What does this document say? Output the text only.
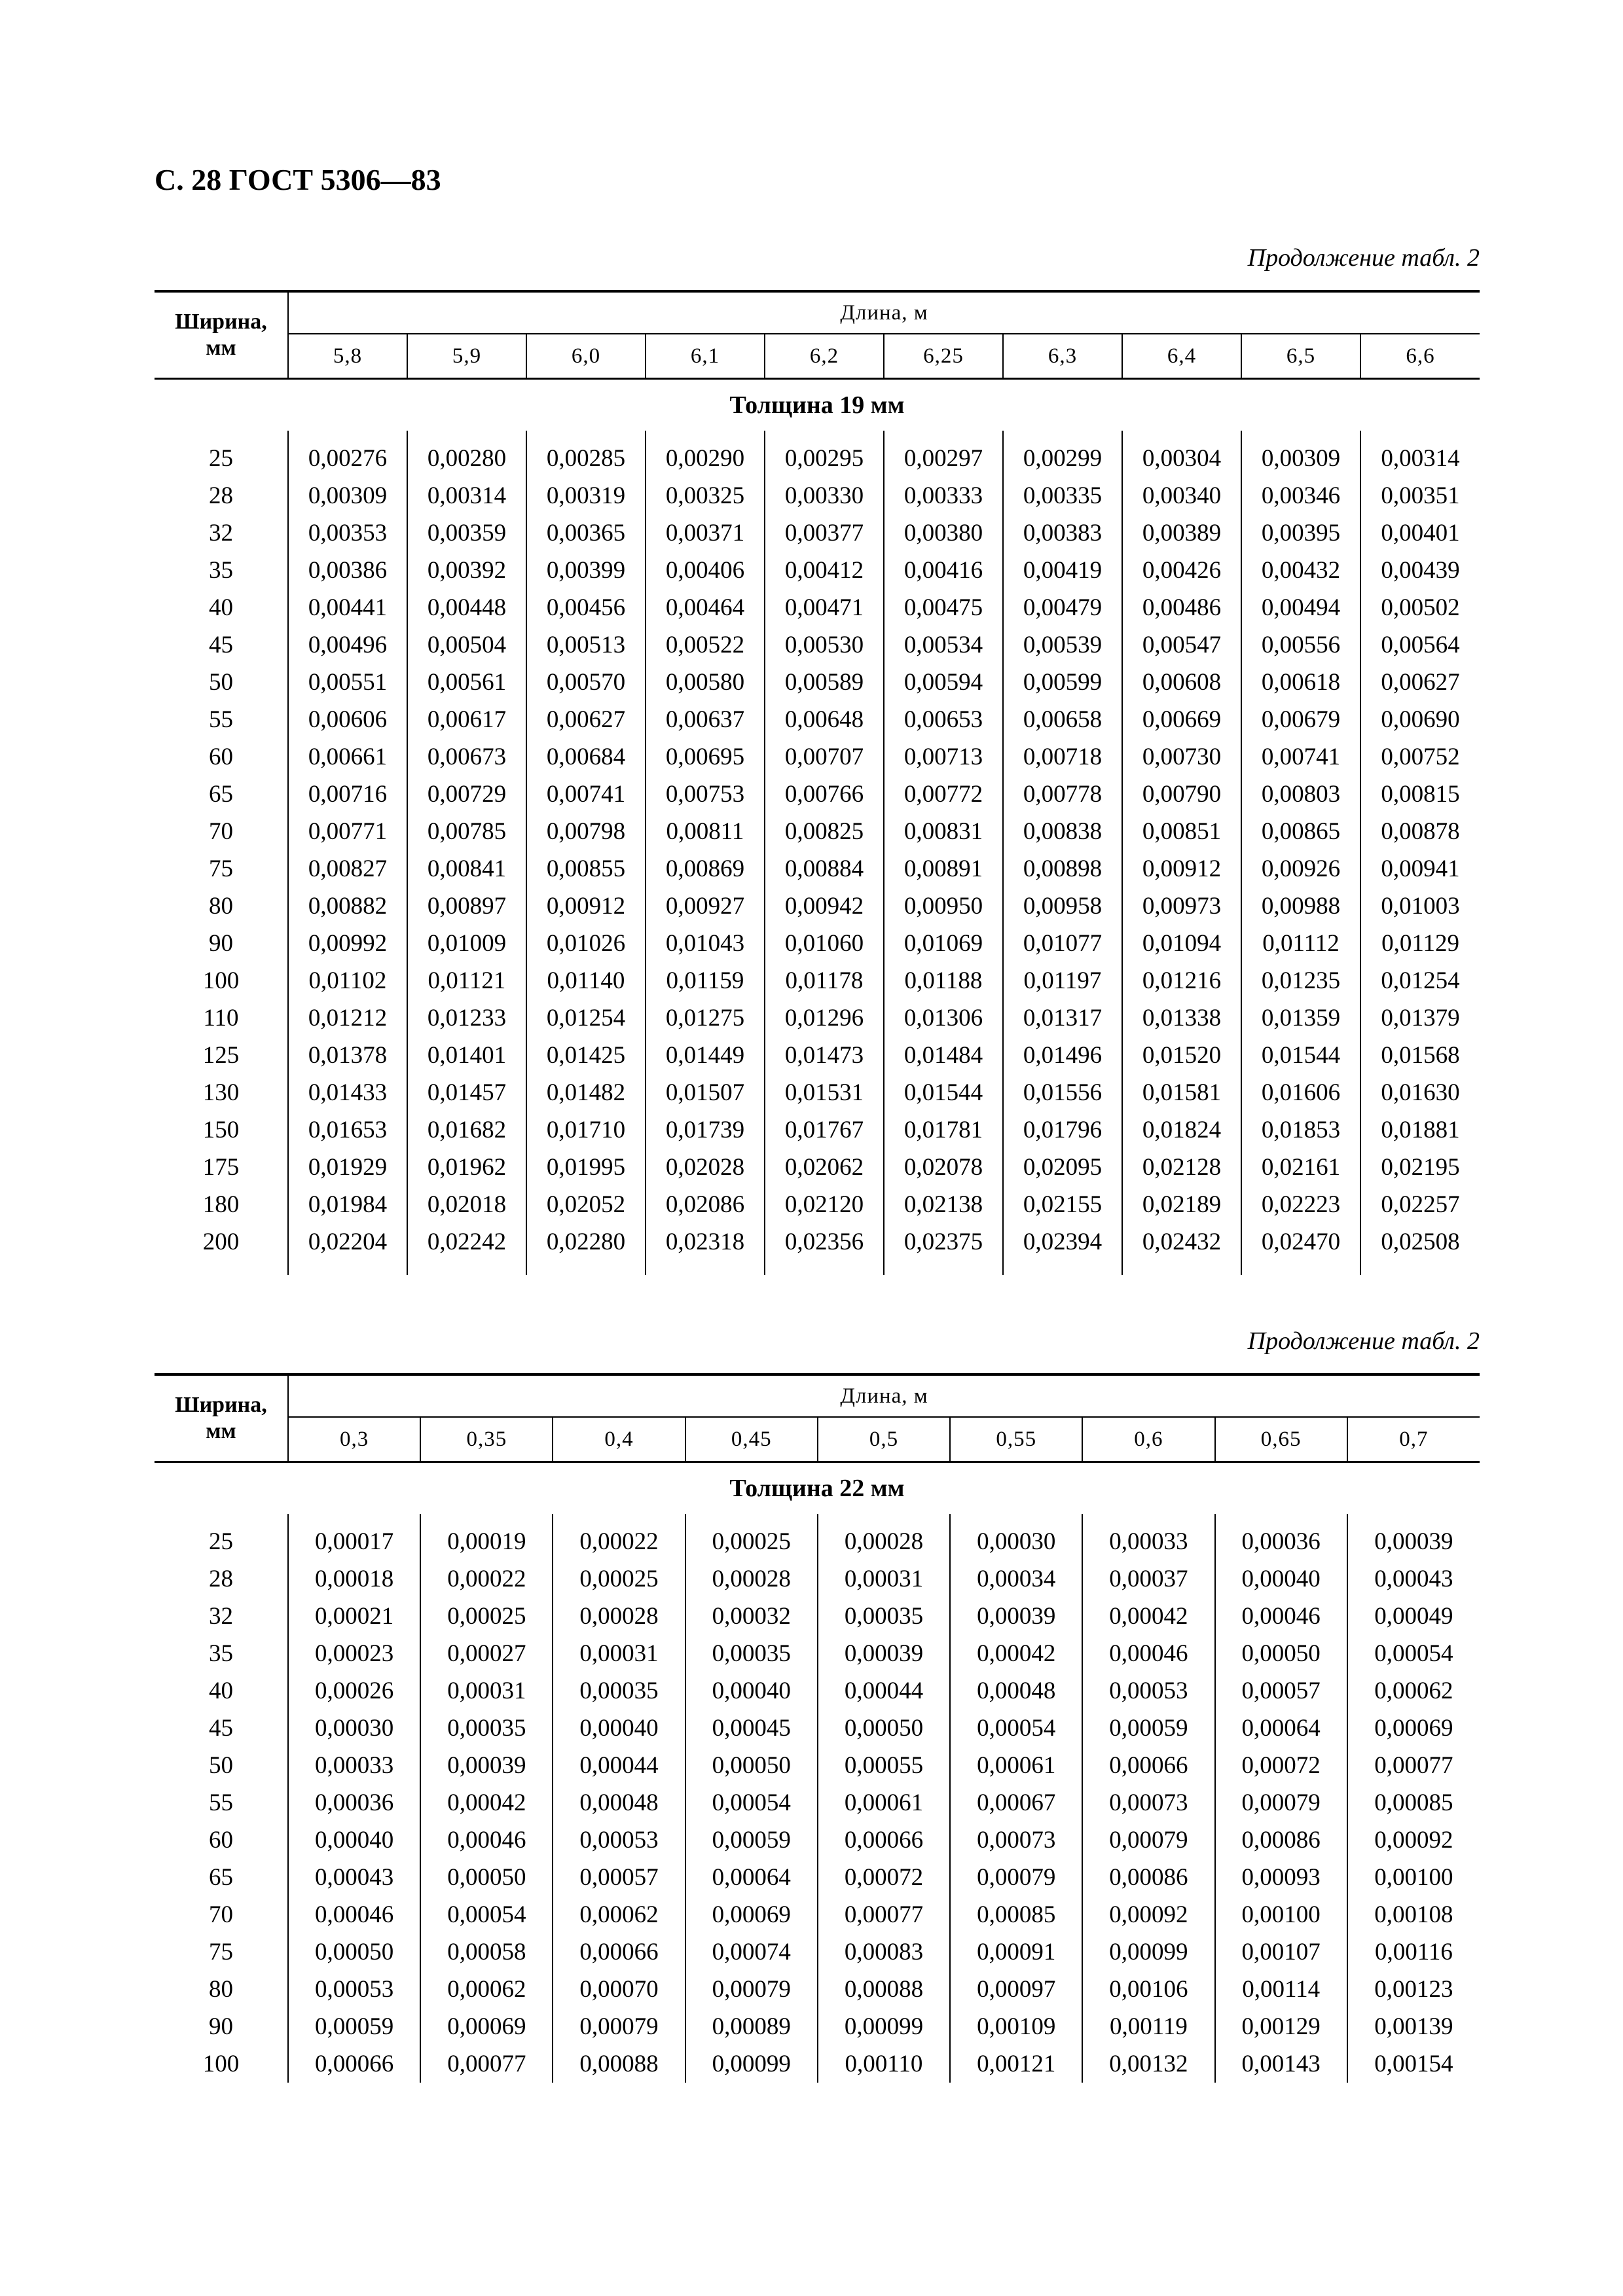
С. 28 ГОСТ 5306—83
Продолжение табл. 2
Ширина,
мм	Длина, м									
	5,8	5,9	6,0	6,1	6,2	6,25	6,3	6,4	6,5	6,6
Толщина 19 мм										

25	0,00276	0,00280	0,00285	0,00290	0,00295	0,00297	0,00299	0,00304	0,00309	0,00314
28	0,00309	0,00314	0,00319	0,00325	0,00330	0,00333	0,00335	0,00340	0,00346	0,00351
32	0,00353	0,00359	0,00365	0,00371	0,00377	0,00380	0,00383	0,00389	0,00395	0,00401
35	0,00386	0,00392	0,00399	0,00406	0,00412	0,00416	0,00419	0,00426	0,00432	0,00439
40	0,00441	0,00448	0,00456	0,00464	0,00471	0,00475	0,00479	0,00486	0,00494	0,00502
45	0,00496	0,00504	0,00513	0,00522	0,00530	0,00534	0,00539	0,00547	0,00556	0,00564
50	0,00551	0,00561	0,00570	0,00580	0,00589	0,00594	0,00599	0,00608	0,00618	0,00627
55	0,00606	0,00617	0,00627	0,00637	0,00648	0,00653	0,00658	0,00669	0,00679	0,00690
60	0,00661	0,00673	0,00684	0,00695	0,00707	0,00713	0,00718	0,00730	0,00741	0,00752
65	0,00716	0,00729	0,00741	0,00753	0,00766	0,00772	0,00778	0,00790	0,00803	0,00815
70	0,00771	0,00785	0,00798	0,00811	0,00825	0,00831	0,00838	0,00851	0,00865	0,00878
75	0,00827	0,00841	0,00855	0,00869	0,00884	0,00891	0,00898	0,00912	0,00926	0,00941
80	0,00882	0,00897	0,00912	0,00927	0,00942	0,00950	0,00958	0,00973	0,00988	0,01003
90	0,00992	0,01009	0,01026	0,01043	0,01060	0,01069	0,01077	0,01094	0,01112	0,01129
100	0,01102	0,01121	0,01140	0,01159	0,01178	0,01188	0,01197	0,01216	0,01235	0,01254
110	0,01212	0,01233	0,01254	0,01275	0,01296	0,01306	0,01317	0,01338	0,01359	0,01379
125	0,01378	0,01401	0,01425	0,01449	0,01473	0,01484	0,01496	0,01520	0,01544	0,01568
130	0,01433	0,01457	0,01482	0,01507	0,01531	0,01544	0,01556	0,01581	0,01606	0,01630
150	0,01653	0,01682	0,01710	0,01739	0,01767	0,01781	0,01796	0,01824	0,01853	0,01881
175	0,01929	0,01962	0,01995	0,02028	0,02062	0,02078	0,02095	0,02128	0,02161	0,02195
180	0,01984	0,02018	0,02052	0,02086	0,02120	0,02138	0,02155	0,02189	0,02223	0,02257
200	0,02204	0,02242	0,02280	0,02318	0,02356	0,02375	0,02394	0,02432	0,02470	0,02508

Продолжение табл. 2
Ширина,
мм	Длина, м								
	0,3	0,35	0,4	0,45	0,5	0,55	0,6	0,65	0,7
Толщина 22 мм									

25	0,00017	0,00019	0,00022	0,00025	0,00028	0,00030	0,00033	0,00036	0,00039
28	0,00018	0,00022	0,00025	0,00028	0,00031	0,00034	0,00037	0,00040	0,00043
32	0,00021	0,00025	0,00028	0,00032	0,00035	0,00039	0,00042	0,00046	0,00049
35	0,00023	0,00027	0,00031	0,00035	0,00039	0,00042	0,00046	0,00050	0,00054
40	0,00026	0,00031	0,00035	0,00040	0,00044	0,00048	0,00053	0,00057	0,00062
45	0,00030	0,00035	0,00040	0,00045	0,00050	0,00054	0,00059	0,00064	0,00069
50	0,00033	0,00039	0,00044	0,00050	0,00055	0,00061	0,00066	0,00072	0,00077
55	0,00036	0,00042	0,00048	0,00054	0,00061	0,00067	0,00073	0,00079	0,00085
60	0,00040	0,00046	0,00053	0,00059	0,00066	0,00073	0,00079	0,00086	0,00092
65	0,00043	0,00050	0,00057	0,00064	0,00072	0,00079	0,00086	0,00093	0,00100
70	0,00046	0,00054	0,00062	0,00069	0,00077	0,00085	0,00092	0,00100	0,00108
75	0,00050	0,00058	0,00066	0,00074	0,00083	0,00091	0,00099	0,00107	0,00116
80	0,00053	0,00062	0,00070	0,00079	0,00088	0,00097	0,00106	0,00114	0,00123
90	0,00059	0,00069	0,00079	0,00089	0,00099	0,00109	0,00119	0,00129	0,00139
100	0,00066	0,00077	0,00088	0,00099	0,00110	0,00121	0,00132	0,00143	0,00154
